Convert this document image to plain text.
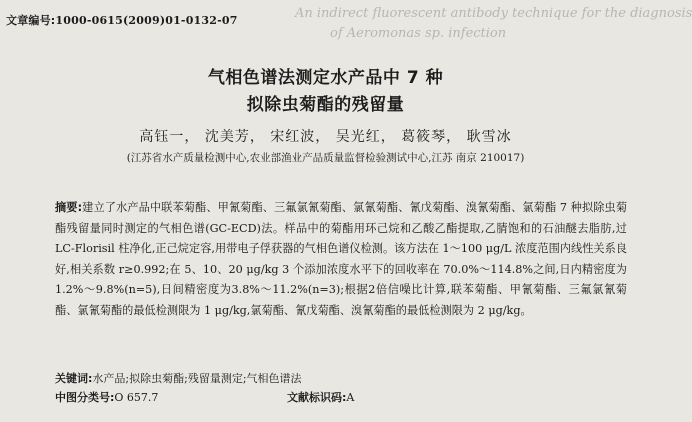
An indirect fluorescent antibody technique for the diagnosis
of Aeromonas sp. infection
文章编号:1000-0615(2009)01-0132-07
气相色谱法测定水产品中 7 种
拟除虫菊酯的残留量
高钰一， 沈美芳， 宋红波， 吴光红， 葛筱琴， 耿雪冰
(江苏省水产质量检测中心,农业部渔业产品质量监督检验测试中心,江苏 南京 210017)
摘要:建立了水产品中联苯菊酯、甲氰菊酯、三氟氯氰菊酯、氯氰菊酯、氰戊菊酯、溴氰菊酯、氯菊酯 7 种拟除虫菊酯残留量同时测定的气相色谱(GC-ECD)法。样品中的菊酯用环己烷和乙酸乙酯提取,乙腈饱和的石油醚去脂肪,过 LC-Florisil 柱净化,正己烷定容,用带电子俘获器的气相色谱仪检测。该方法在 1～100 μg/L 浓度范围内线性关系良好,相关系数 r≥0.992;在 5、10、20 μg/kg 3 个添加浓度水平下的回收率在 70.0%～114.8%之间,日内精密度为1.2%～9.8%(n=5),日间精密度为3.8%～11.2%(n=3);根据2倍信噪比计算,联苯菊酯、甲氰菊酯、三氟氯氰菊酯、氯氰菊酯的最低检测限为 1 μg/kg,氯菊酯、氰戊菊酯、溴氰菊酯的最低检测限为 2 μg/kg。
关键词:水产品;拟除虫菊酯;残留量测定;气相色谱法
中图分类号:O 657.7	文献标识码:A
